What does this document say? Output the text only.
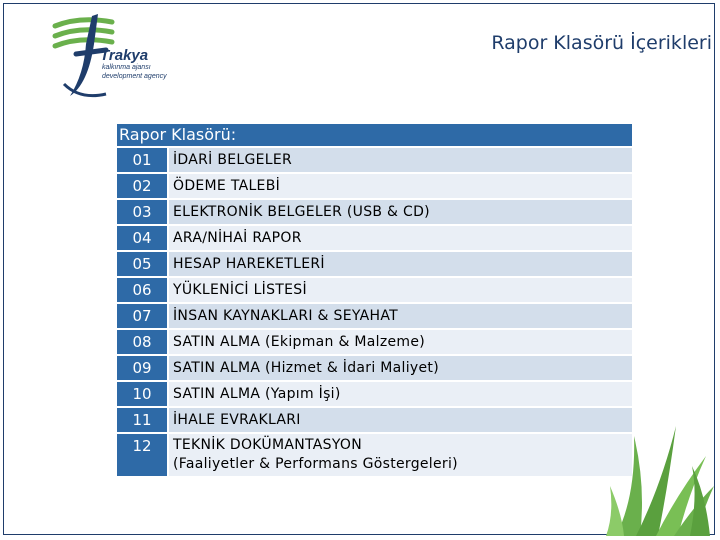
Trakya
kalkınma ajansı
development agency
Rapor Klasörü İçerikleri
Rapor Klasörü:
01	İDARİ BELGELER
02	ÖDEME TALEBİ
03	ELEKTRONİK BELGELER (USB & CD)
04	ARA/NİHAİ RAPOR
05	HESAP HAREKETLERİ
06	YÜKLENİCİ LİSTESİ
07	İNSAN KAYNAKLARI & SEYAHAT
08	SATIN ALMA (Ekipman & Malzeme)
09	SATIN ALMA (Hizmet & İdari Maliyet)
10	SATIN ALMA (Yapım İşi)
11	İHALE EVRAKLARI
12	TEKNİK DOKÜMANTASYON
(Faaliyetler & Performans Göstergeleri)
